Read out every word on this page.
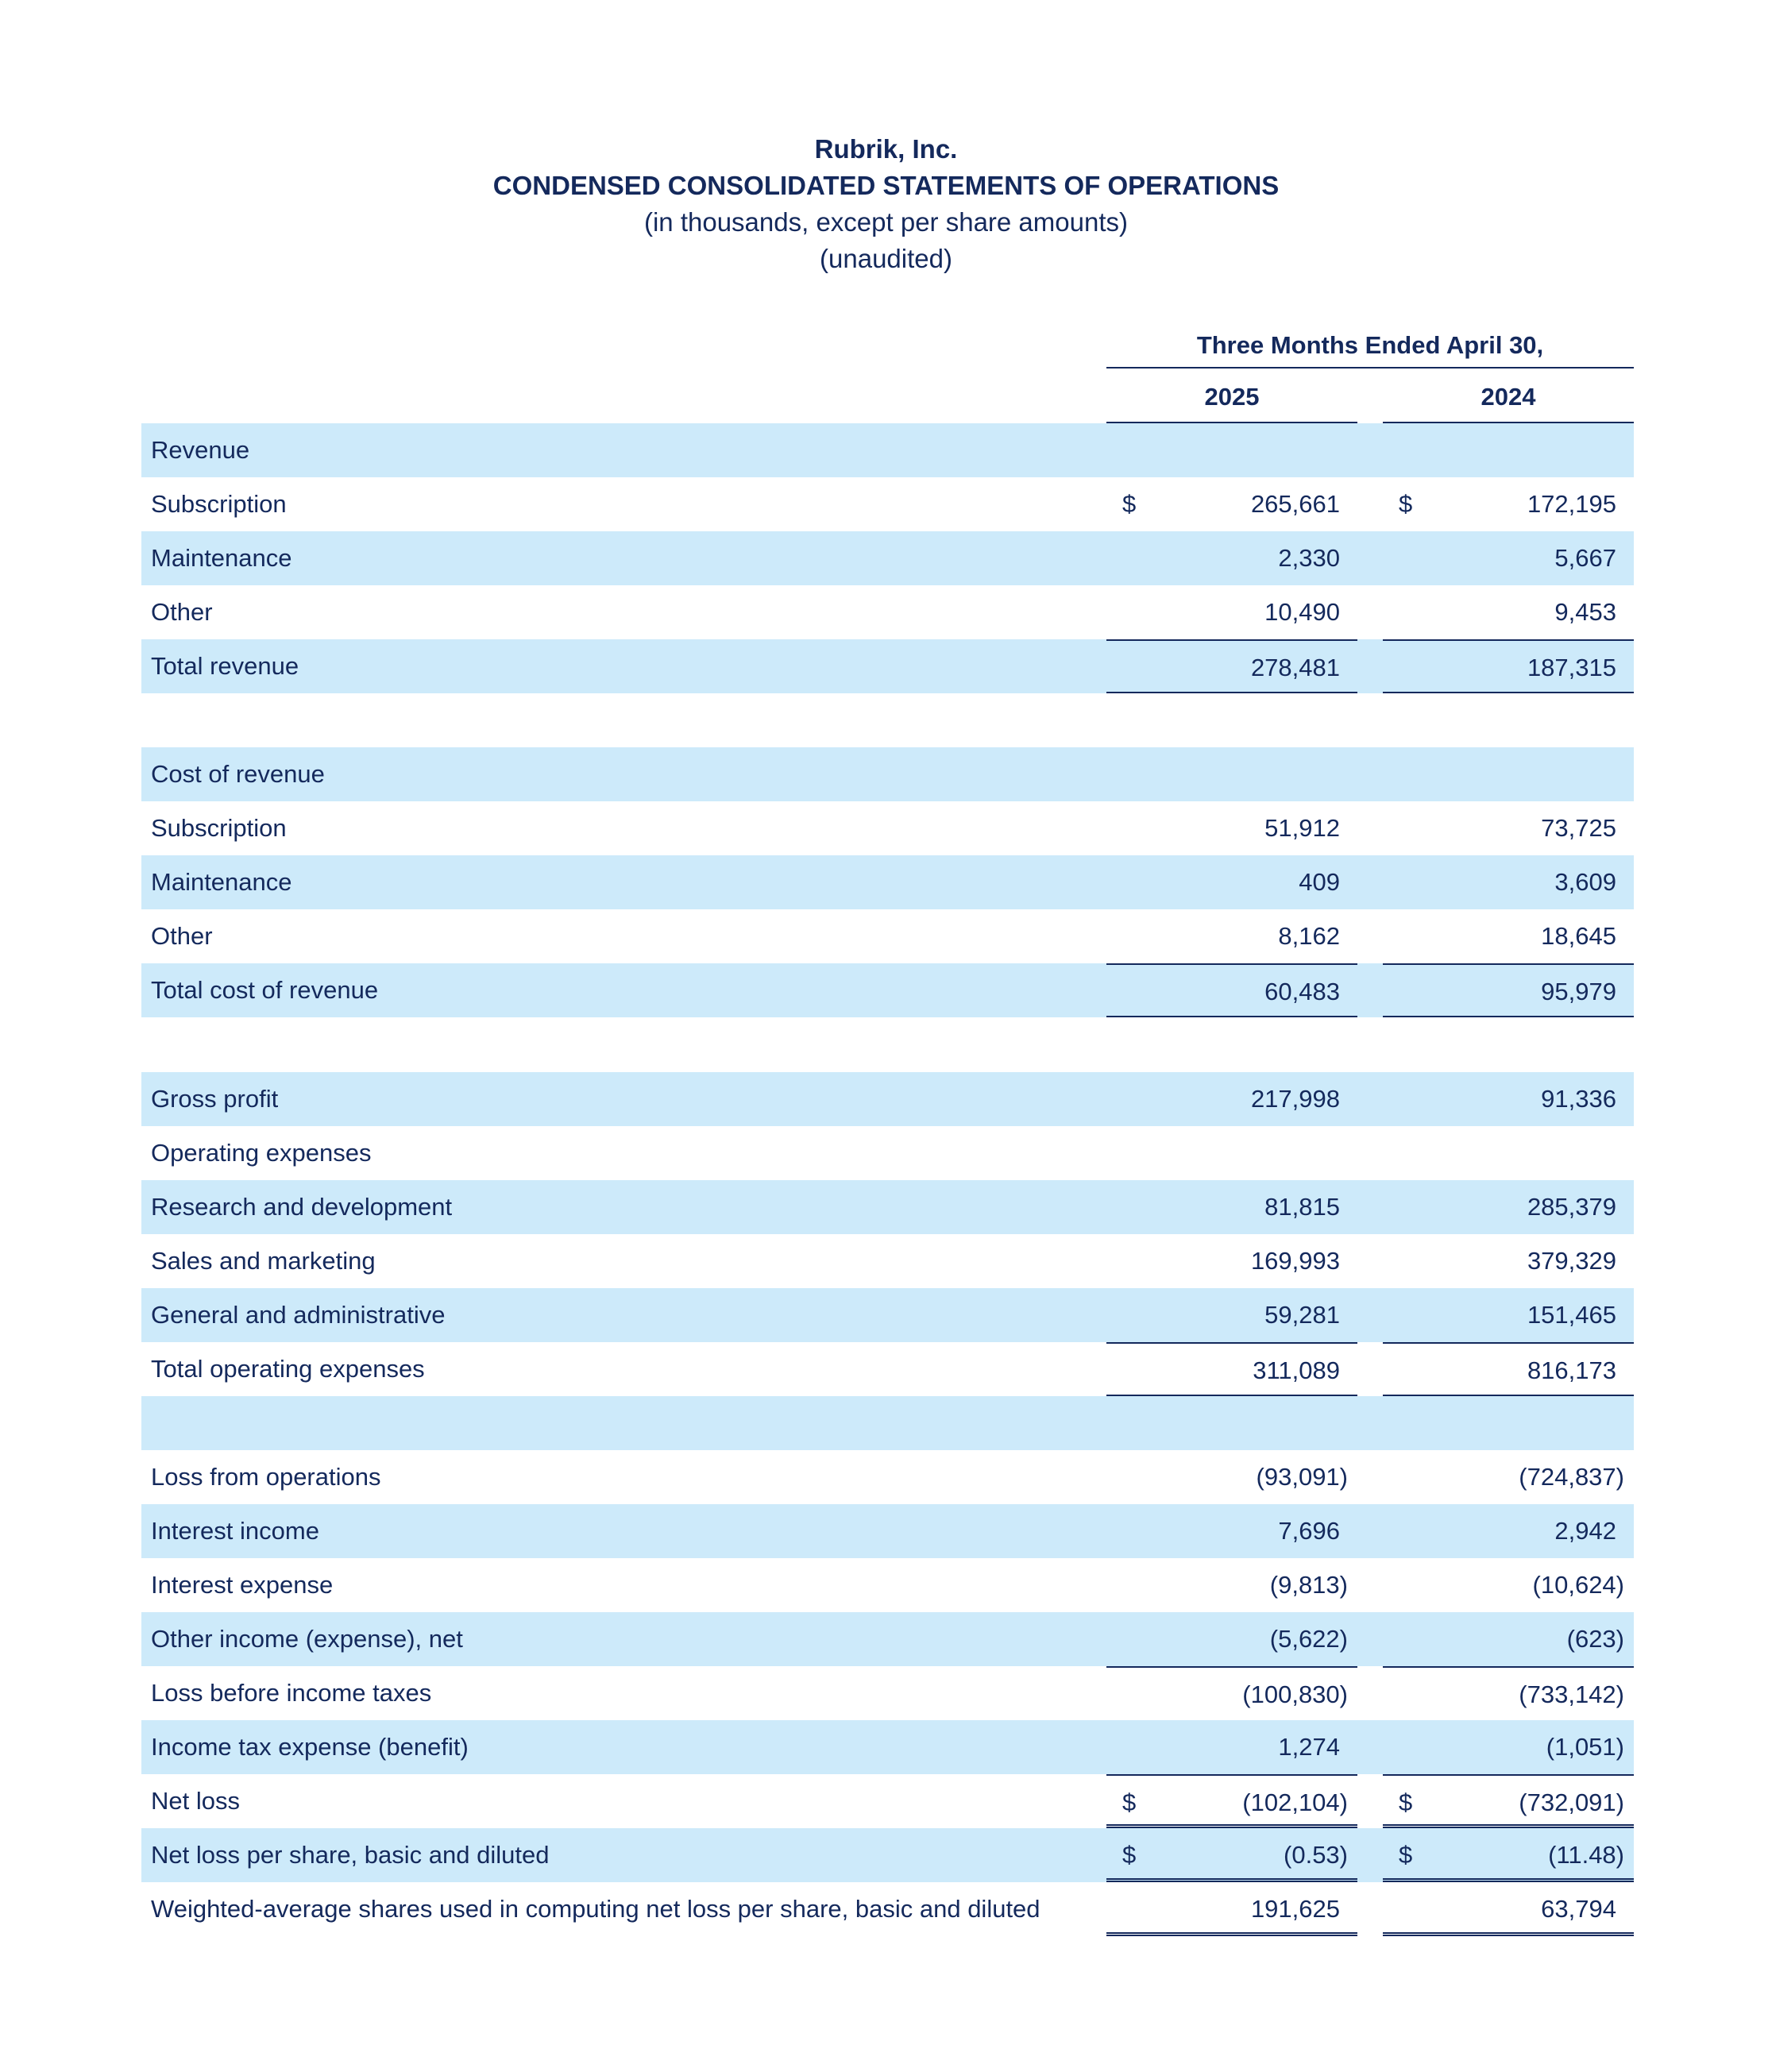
Rubrik, Inc.
CONDENSED CONSOLIDATED STATEMENTS OF OPERATIONS
(in thousands, except per share amounts)
(unaudited)
Three Months Ended April 30,
2025	2024
Revenue
Subscription	$	265,661 $	172,195
Maintenance	2,330	5,667
Other	10,490	9,453
Total revenue	278,481	187,315
Cost of revenue
Subscription	51,912	73,725
Maintenance	409	3,609
Other	8,162	18,645
Total cost of revenue	60,483	95,979
Gross profit	217,998	91,336
Operating expenses
Research and development	81,815	285,379
Sales and marketing	169,993	379,329
General and administrative	59,281	151,465
Total operating expenses	311,089	816,173
Loss from operations	(93,091)	(724,837)
Interest income	7,696	2,942
Interest expense	(9,813)	(10,624)
Other income (expense), net	(5,622)	(623)
Loss before income taxes	(100,830)	(733,142)
Income tax expense (benefit)	1,274	(1,051)
Net loss	$	(102,104) $	(732,091)
Net loss per share, basic and diluted	$	(0.53) $	(11.48)
Weighted-average shares used in computing net loss per share, basic and diluted	191,625	63,794
